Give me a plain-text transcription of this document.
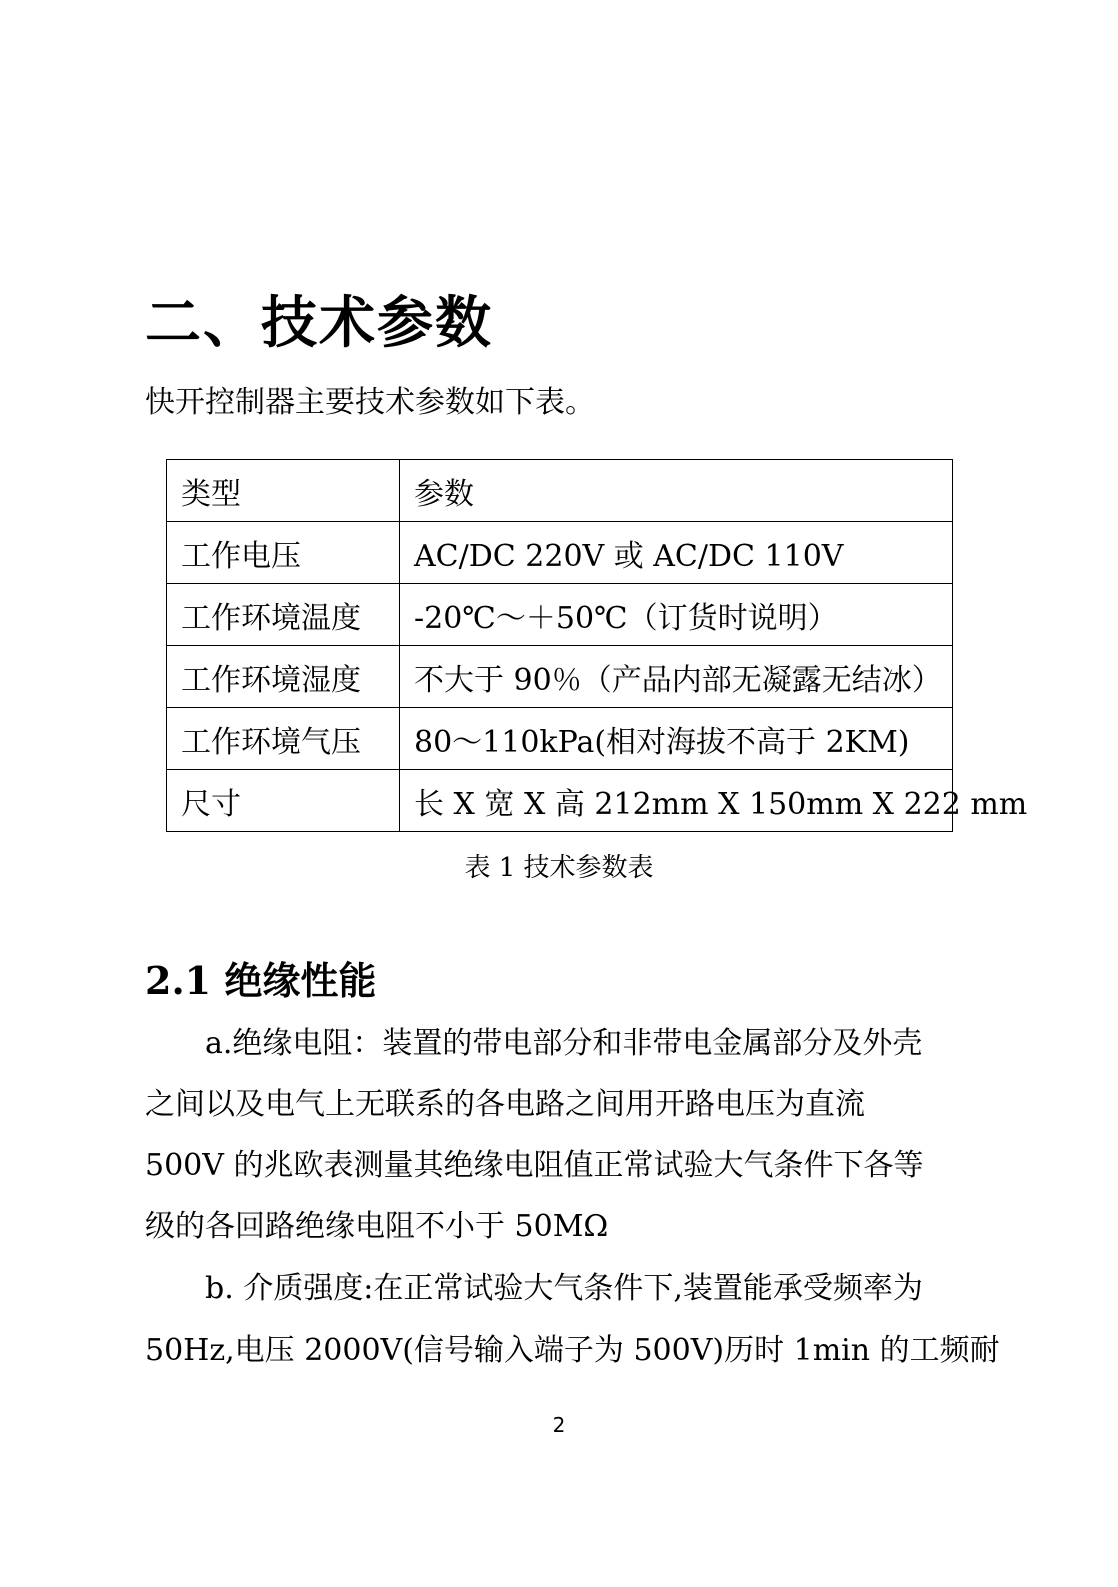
二、技术参数
快开控制器主要技术参数如下表。
类型	参数
工作电压	AC/DC 220V 或 AC/DC 110V
工作环境温度	-20℃～＋50℃（订货时说明）
工作环境湿度	不大于 90％（产品内部无凝露无结冰）
工作环境气压	80～110kPa(相对海拔不高于 2KM)
尺寸	长 X 宽 X 高 212mm X 150mm X 222 mm
表 1 技术参数表
2.1 绝缘性能
a.绝缘电阻：装置的带电部分和非带电金属部分及外壳
之间以及电气上无联系的各电路之间用开路电压为直流
500V 的兆欧表测量其绝缘电阻值正常试验大气条件下各等
级的各回路绝缘电阻不小于 50MΩ
b. 介质强度:在正常试验大气条件下,装置能承受频率为
50Hz,电压 2000V(信号输入端子为 500V)历时 1min 的工频耐
2
